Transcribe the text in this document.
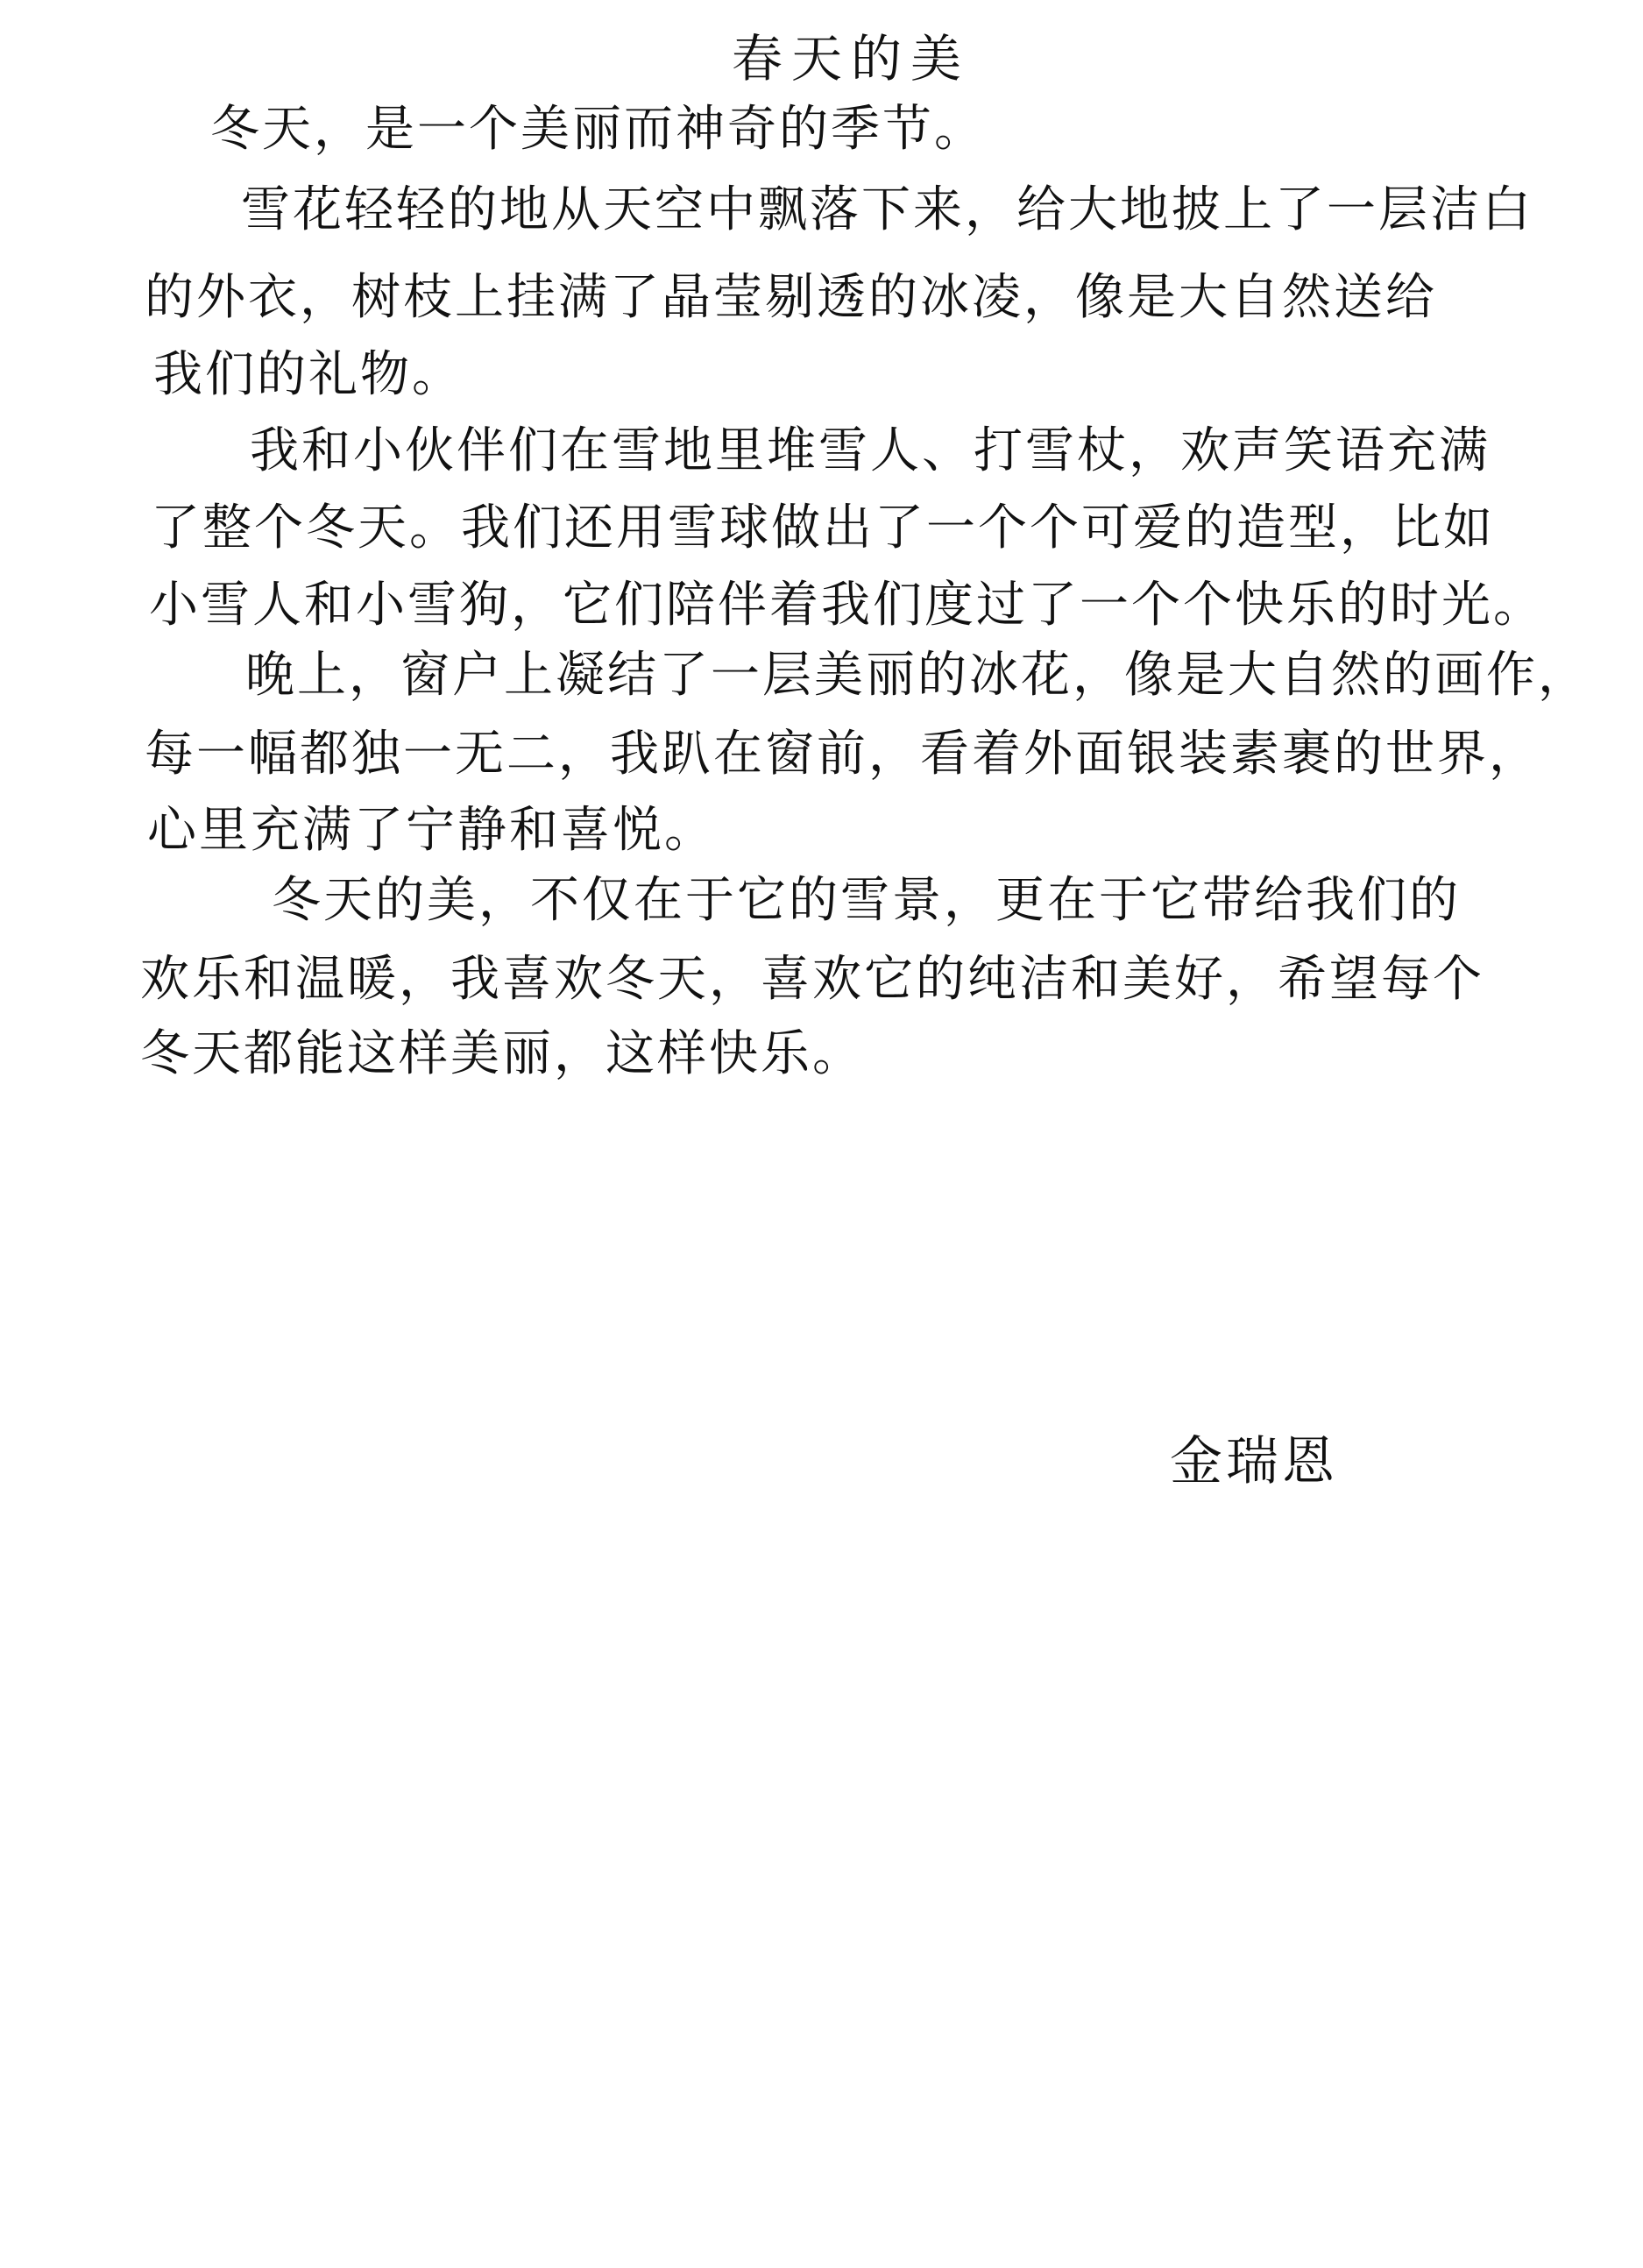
春天的美
冬天，是一个美丽而神奇的季节。
雪花轻轻的地从天空中飘落下来，给大地披上了一层洁白
的外衣，树枝上挂满了晶莹剔透的冰凌，像是大自然送给
我们的礼物。
我和小伙伴们在雪地里堆雪人、打雪杖，欢声笑语充满
了整个冬天。我们还用雪球做出了一个个可爱的造型，比如
小雪人和小雪狗，它们陪伴着我们度过了一个个快乐的时光。
晚上，窗户上凝结了一层美丽的冰花，像是大自然的画作，
每一幅都独一无二，我趴在窗前，看着外面银装素裹的世界，
心里充满了宁静和喜悦。
冬天的美，不仅在于它的雪景，更在于它带给我们的
欢乐和温暖，我喜欢冬天，喜欢它的纯洁和美好，希望每个
冬天都能这样美丽，这样快乐。
金瑞恩
